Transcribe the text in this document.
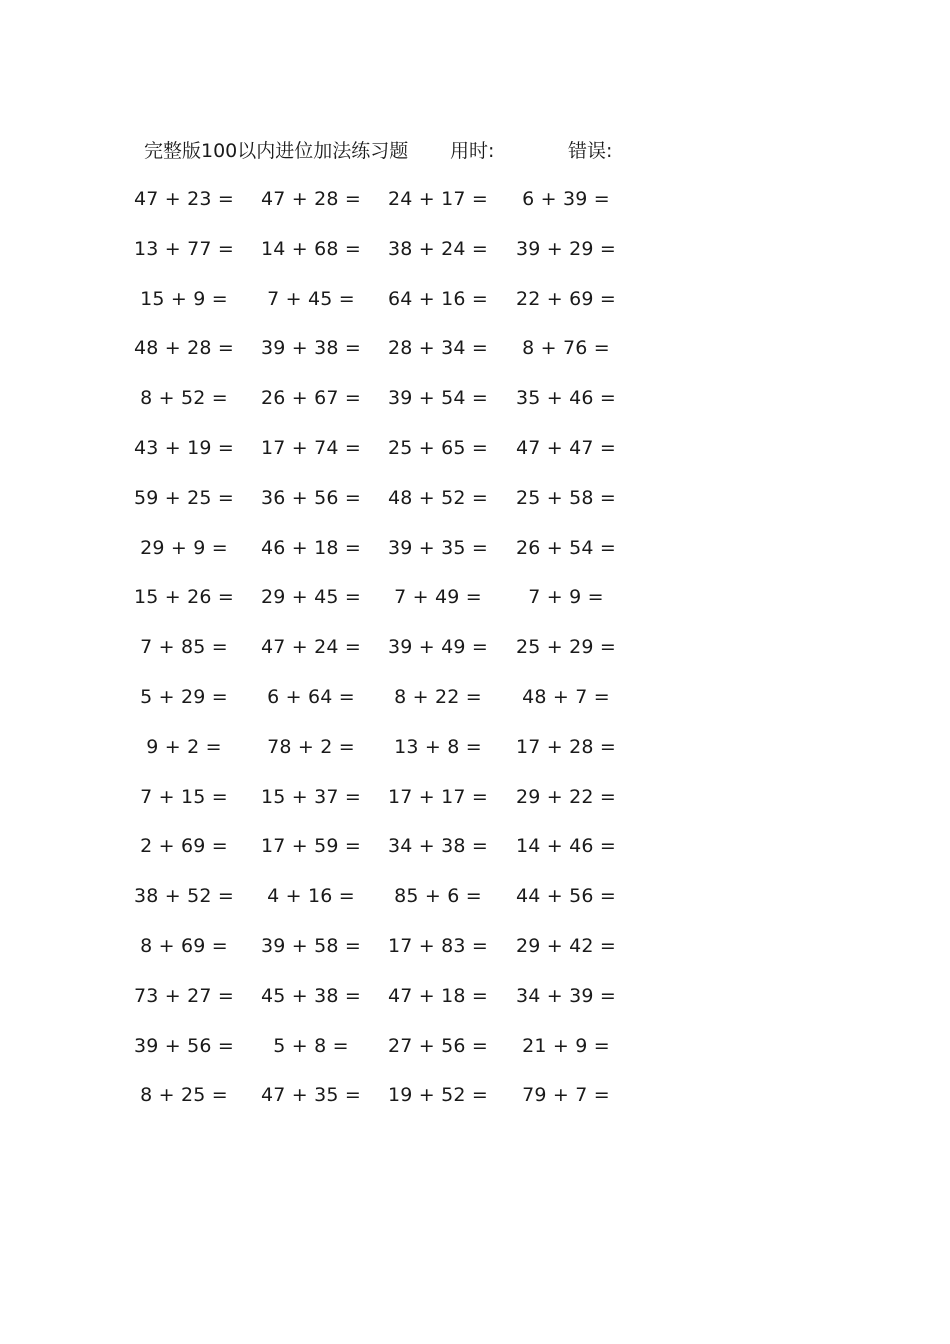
完整版100以内进位加法练习题 用时:	错误:
47 + 23 =	47 + 28 =	24 + 17 =	6 + 39 =
13 + 77 =	14 + 68 =	38 + 24 =	39 + 29 =
15 + 9 =	7 + 45 =	64 + 16 =	22 + 69 =
48 + 28 =	39 + 38 =	28 + 34 =	8 + 76 =
8 + 52 =	26 + 67 =	39 + 54 =	35 + 46 =
43 + 19 =	17 + 74 =	25 + 65 =	47 + 47 =
59 + 25 =	36 + 56 =	48 + 52 =	25 + 58 =
29 + 9 =	46 + 18 =	39 + 35 =	26 + 54 =
15 + 26 =	29 + 45 =	7 + 49 =	7 + 9 =
7 + 85 =	47 + 24 =	39 + 49 =	25 + 29 =
5 + 29 =	6 + 64 =	8 + 22 =	48 + 7 =
9 + 2 =	78 + 2 =	13 + 8 =	17 + 28 =
7 + 15 =	15 + 37 =	17 + 17 =	29 + 22 =
2 + 69 =	17 + 59 =	34 + 38 =	14 + 46 =
38 + 52 =	4 + 16 =	85 + 6 =	44 + 56 =
8 + 69 =	39 + 58 =	17 + 83 =	29 + 42 =
73 + 27 =	45 + 38 =	47 + 18 =	34 + 39 =
39 + 56 =	5 + 8 =	27 + 56 =	21 + 9 =
8 + 25 =	47 + 35 =	19 + 52 =	79 + 7 =
